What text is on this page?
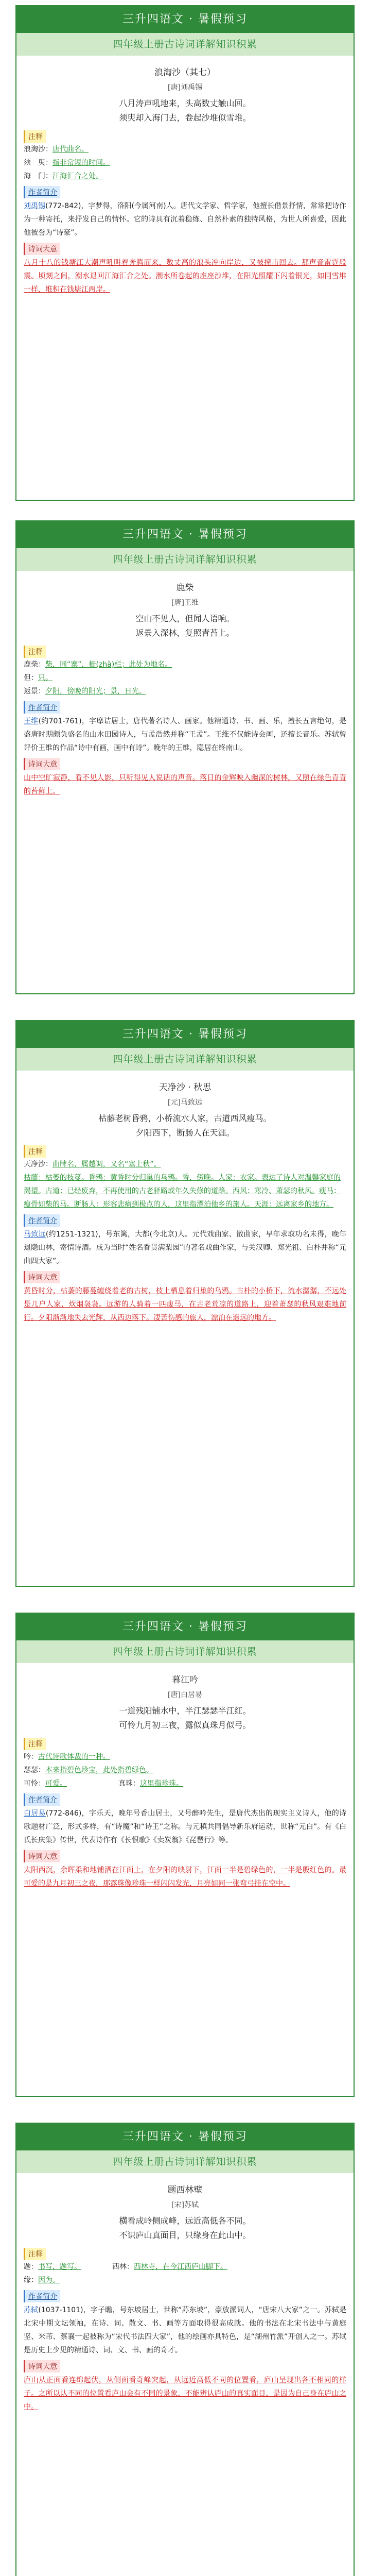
三升四语文 · 暑假预习
四年级上册古诗词详解知识积累
浪淘沙（其七）
[唐]刘禹锡
八月涛声吼地来，头高数丈触山回。
须臾却入海门去，卷起沙堆似雪堆。
注释
浪淘沙：唐代曲名。
须　臾：指非常短的时间。
海　门：江海汇合之处。
作者简介
刘禹锡(772-842)，字梦得，洛阳(今属河南)人。唐代文学家、哲学家，他擅长借景抒情，常常把诗作为一种寄托，来抒发自己的情怀。它的诗具有沉着稳练、自然朴素的独特风格，为世人所喜爱，因此他被誉为“诗豪”。
诗词大意
八月十八的钱塘江大潮声吼叫着奔腾而来，数丈高的浪头冲向岸边，又被撞击回去。那声音雷霆般震。顷刻之间，潮水退回江海汇合之处。潮水所卷起的座座沙堆，在阳光照耀下闪着银光，如同雪堆一样，堆积在钱塘江两岸。
三升四语文 · 暑假预习
四年级上册古诗词详解知识积累
鹿柴
[唐]王维
空山不见人，但闻人语响。
返景入深林，复照青苔上。
注释
鹿柴：柴，同“寨”，栅(zhà)栏；此处为地名。
但：只。
返景：夕阳，傍晚的阳光；景，日光。
作者简介
王维(约701-761)，字摩诘居士，唐代著名诗人、画家。他精通诗、书、画、乐，擅长五言绝句，是盛唐时期颇负盛名的山水田园诗人，与孟浩然并称“王孟”。王维不仅能诗会画，还擅长音乐。苏轼曾评价王维的作品“诗中有画，画中有诗”。晚年的王维，隐居在终南山。
诗词大意
山中空旷寂静，看不见人影，只听得见人说话的声音。落日的金辉映入幽深的树林，又照在绿色青青的苔藓上。
三升四语文 · 暑假预习
四年级上册古诗词详解知识积累
天净沙 · 秋思
[元]马致远
枯藤老树昏鸦，小桥流水人家，古道西风瘦马。
夕阳西下，断肠人在天涯。
注释
天净沙：曲牌名，属越调，又名“塞上秋”。
枯藤：枯萎的枝蔓。昏鸦：黄昏时分归巢的乌鸦。昏，傍晚。人家：农家。表达了诗人对温馨家庭的渴望。古道：已经废弃，不再使用的古老驿路或年久失修的道路。西风：寒冷、萧瑟的秋风。瘦马：瘦骨如柴的马。断肠人：形容悲痛到极点的人，这里指漂泊他乡的旅人。天涯：远离家乡的地方。
作者简介
马致远(约1251-1321)，号东篱，大都(今北京)人。元代戏曲家、散曲家，早年求取功名未得，晚年退隐山林，寄情诗酒。成为当时“姓名香贯满梨园”的著名戏曲作家，与关汉卿、郑光祖、白朴并称“元曲四大家”。
诗词大意
黄昏时分，枯萎的藤蔓缠绕着老的古树，枝上栖息着归巢的乌鸦。古朴的小桥下，流水潺潺，不远处是几户人家，炊烟袅袅。远游的人骑着一匹瘦马，在古老荒凉的道路上，迎着萧瑟的秋风艰难地前行。夕阳渐渐地失去光辉，从西边落下。凄苦伤感的旅人，漂泊在遥远的地方。
三升四语文 · 暑假预习
四年级上册古诗词详解知识积累
暮江吟
[唐]白居易
一道残阳铺水中，半江瑟瑟半江红。
可怜九月初三夜，露似真珠月似弓。
注释
吟：古代诗歌体裁的一种。
瑟瑟：本来指碧色珍宝，此处指碧绿色。
可怜：可爱。	真珠：这里指珍珠。
作者简介
白居易(772-846)，字乐天，晚年号香山居士，又号醉吟先生，是唐代杰出的现实主义诗人，他的诗歌题材广泛，形式多样，有“诗魔”和“诗王”之称。与元稹共同倡导新乐府运动，世称“元白”。有《白氏长庆集》传世，代表诗作有《长恨歌》《卖炭翁》《琵琶行》等。
诗词大意
太阳西沉，余晖柔和地铺洒在江面上，在夕阳的映射下，江面一半是碧绿色的，一半是殷红色的。最可爱的是九月初三之夜，那露珠像珍珠一样闪闪发光，月亮如同一张弯弓挂在空中。
三升四语文 · 暑假预习
四年级上册古诗词详解知识积累
题西林壁
[宋]苏轼
横看成岭侧成峰，远近高低各不同。
不识庐山真面目，只缘身在此山中。
注释
题：书写，题写。	西林：西林寺，在今江西庐山脚下。
缘：因为。
作者简介
苏轼(1037-1101)，字子瞻，号东坡居士，世称“苏东坡”，豪放派词人，“唐宋八大家”之一。苏轼是北宋中期文坛领袖，在诗、词、散文、书、画等方面取得很高成就。他的书法在北宋书法中与黄庭坚、米芾、蔡襄一起被称为“宋代书法四大家”，他的绘画亦具特色，是“湖州竹派”开创人之一。苏轼是历史上少见的精通诗、词、文、书、画的奇才。
诗词大意
庐山从正面看连绵起伏，从侧面看奇峰突起，从远近高低不同的位置看，庐山呈现出各不相同的样子。之所以认不同的位置看庐山会有不同的景象，不能辨认庐山的真实面目，是因为自己身在庐山之中。
